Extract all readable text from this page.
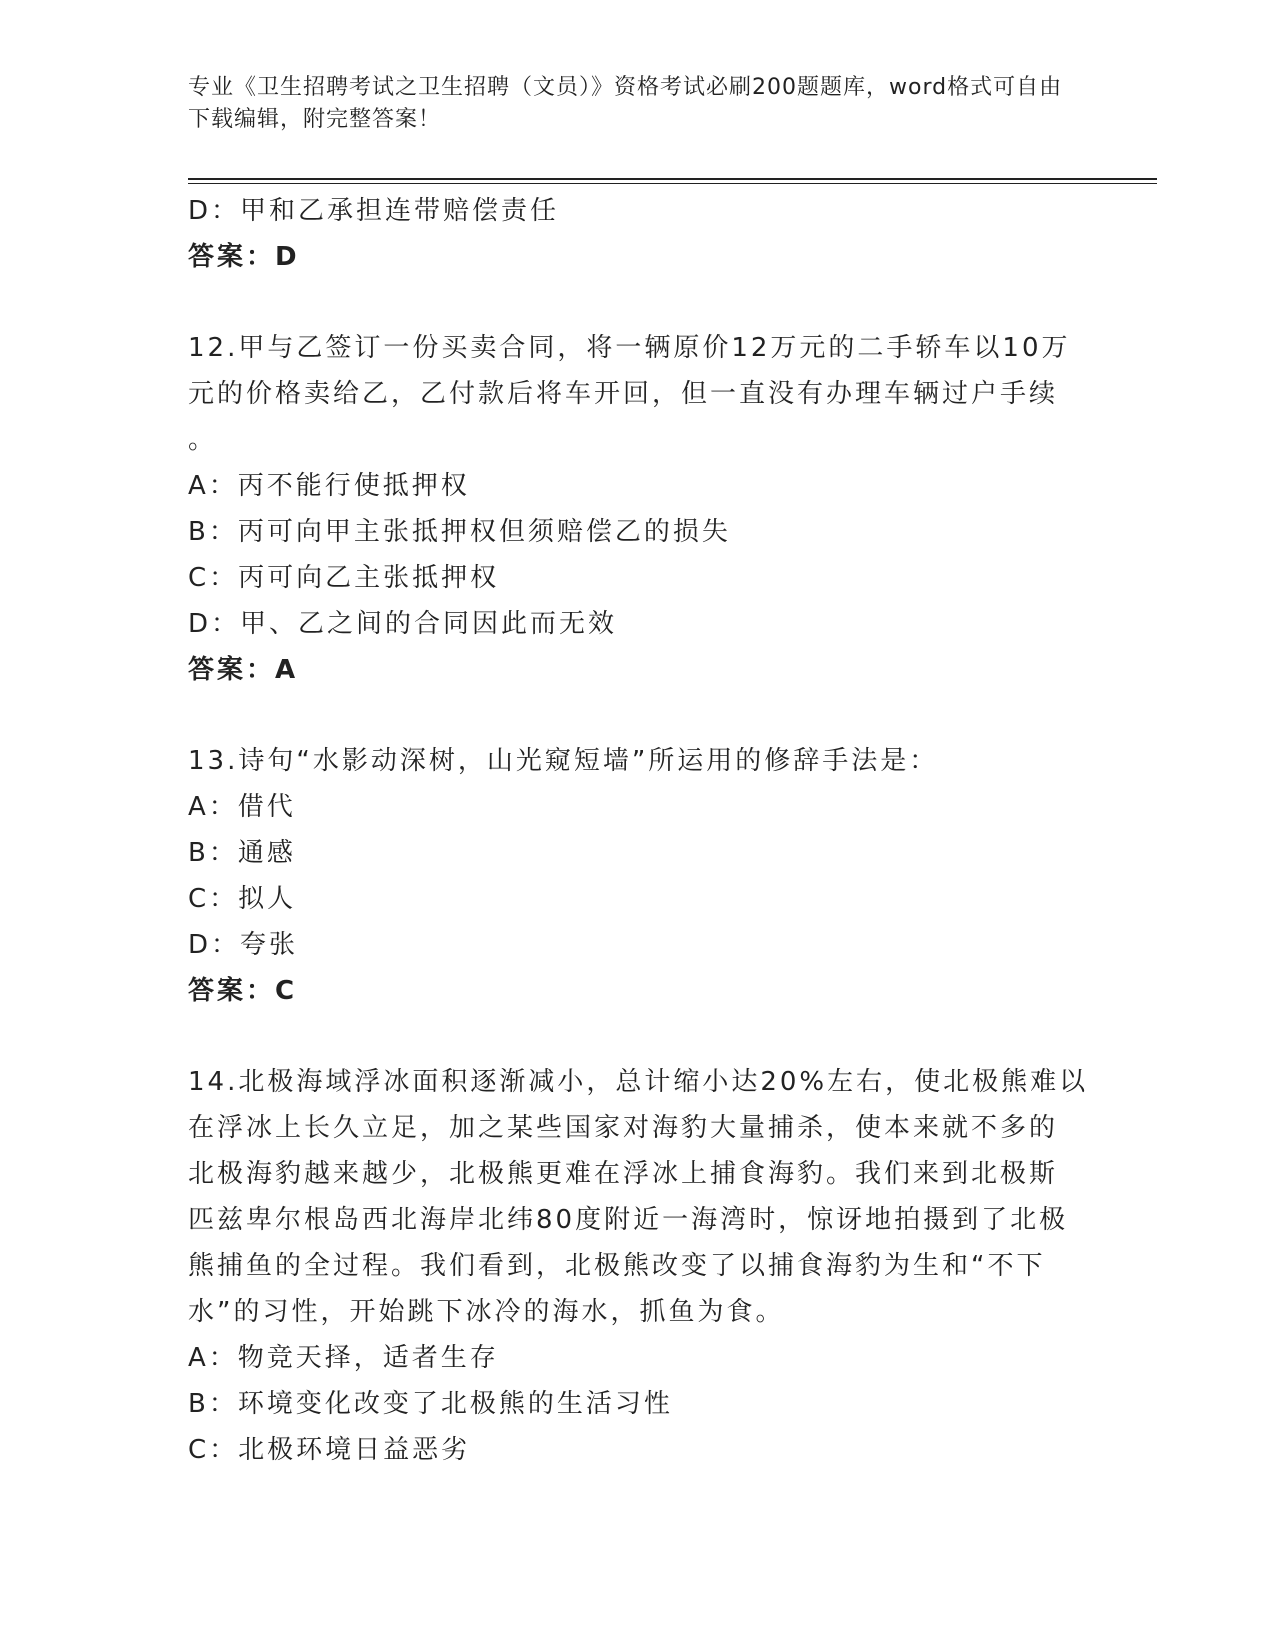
专业《卫生招聘考试之卫生招聘（文员）》资格考试必刷200题题库，word格式可自由下载编辑，附完整答案！
D：甲和乙承担连带赔偿责任
答案：D
12.甲与乙签订一份买卖合同，将一辆原价12万元的二手轿车以10万
元的价格卖给乙，乙付款后将车开回，但一直没有办理车辆过户手续
。
A：丙不能行使抵押权
B：丙可向甲主张抵押权但须赔偿乙的损失
C：丙可向乙主张抵押权
D：甲、乙之间的合同因此而无效
答案：A
13.诗句“水影动深树，山光窥短墙”所运用的修辞手法是：
A：借代
B：通感
C：拟人
D：夸张
答案：C
14.北极海域浮冰面积逐渐减小，总计缩小达20%左右，使北极熊难以
在浮冰上长久立足，加之某些国家对海豹大量捕杀，使本来就不多的
北极海豹越来越少，北极熊更难在浮冰上捕食海豹。我们来到北极斯
匹兹卑尔根岛西北海岸北纬80度附近一海湾时，惊讶地拍摄到了北极
熊捕鱼的全过程。我们看到，北极熊改变了以捕食海豹为生和“不下
水”的习性，开始跳下冰冷的海水，抓鱼为食。
A：物竞天择，适者生存
B：环境变化改变了北极熊的生活习性
C：北极环境日益恶劣
